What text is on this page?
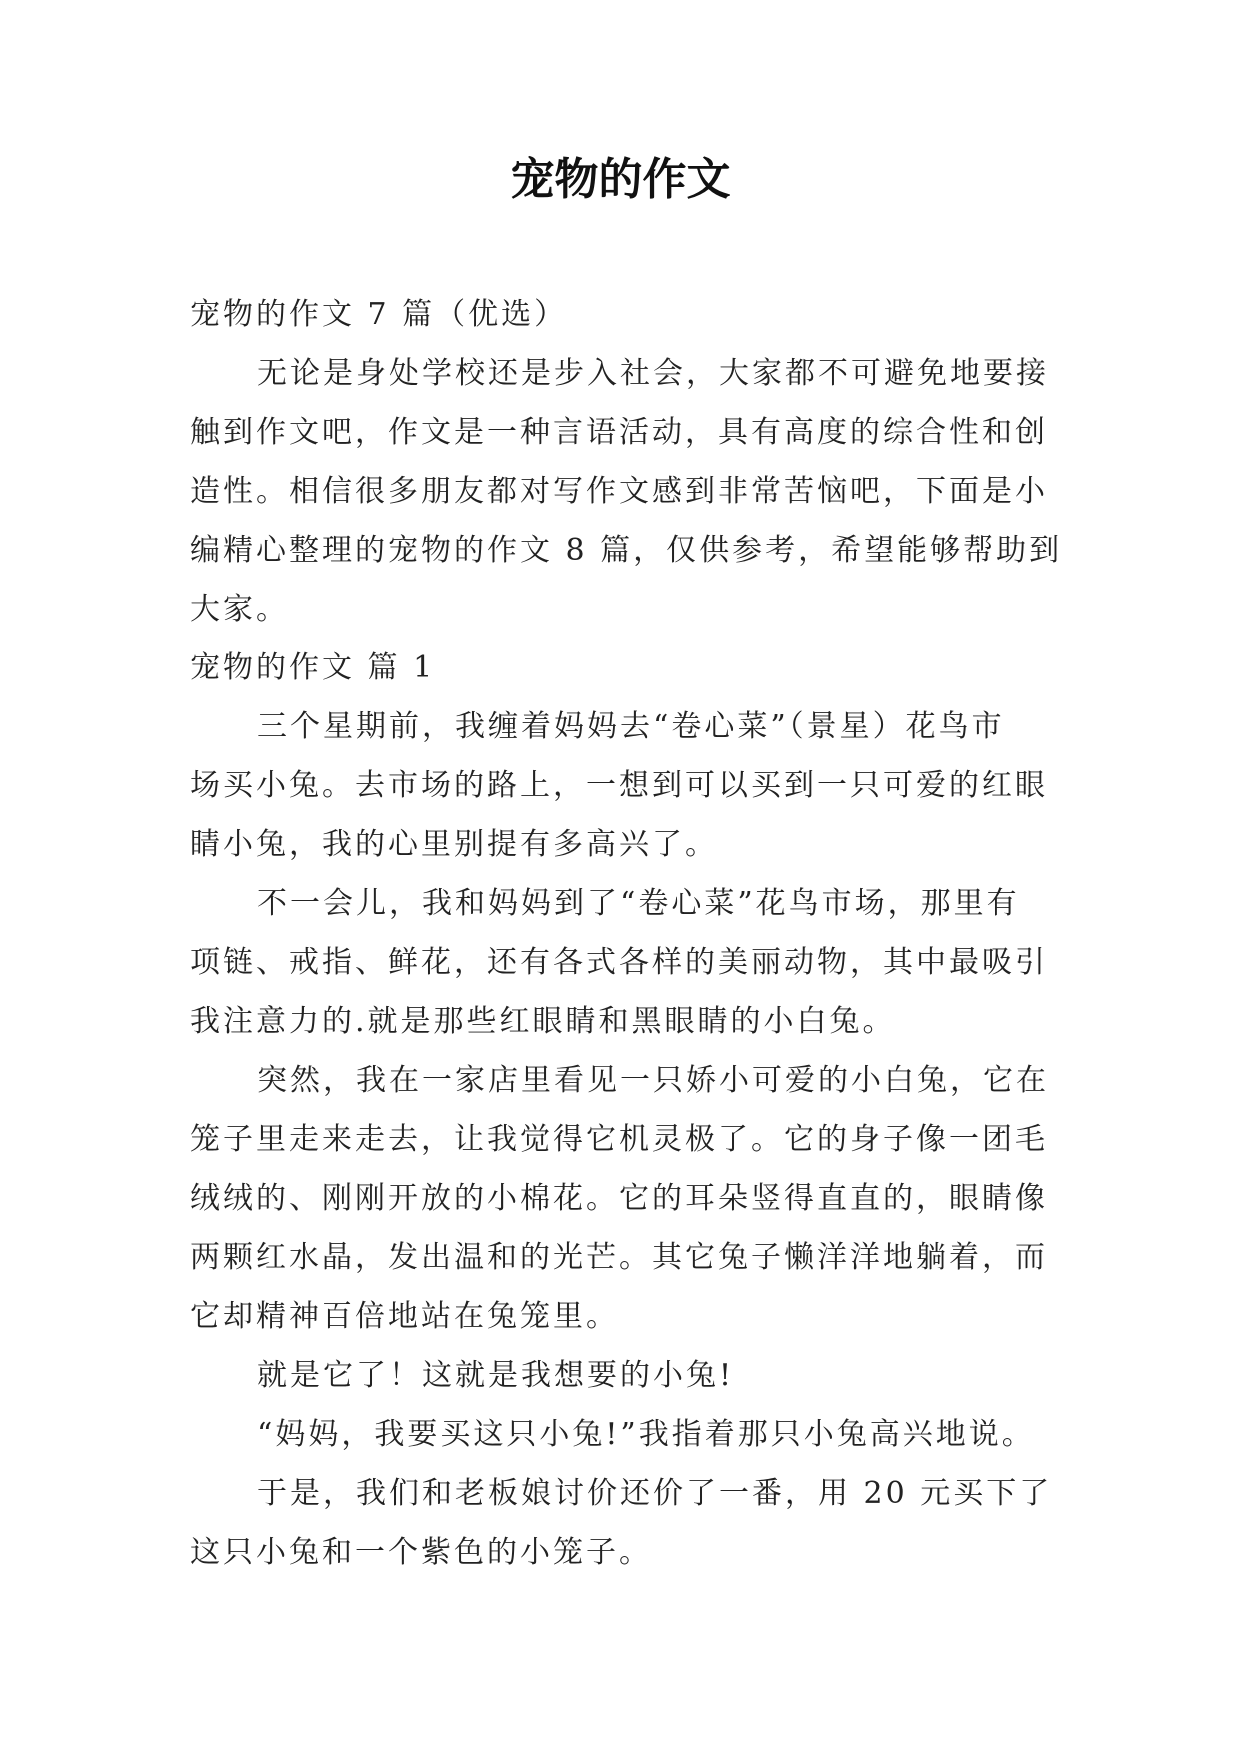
宠物的作文

宠物的作文 7 篇（优选）

无论是身处学校还是步入社会，大家都不可避免地要接

触到作文吧，作文是一种言语活动，具有高度的综合性和创

造性。相信很多朋友都对写作文感到非常苦恼吧，下面是小

编精心整理的宠物的作文 8 篇，仅供参考，希望能够帮助到

大家。

宠物的作文 篇 1

三个星期前，我缠着妈妈去“卷心菜”（景星）花鸟市

场买小兔。去市场的路上，一想到可以买到一只可爱的红眼

睛小兔，我的心里别提有多高兴了。

不一会儿，我和妈妈到了“卷心菜”花鸟市场，那里有

项链、戒指、鲜花，还有各式各样的美丽动物，其中最吸引

我注意力的.就是那些红眼睛和黑眼睛的小白兔。

突然，我在一家店里看见一只娇小可爱的小白兔，它在

笼子里走来走去，让我觉得它机灵极了。它的身子像一团毛

绒绒的、刚刚开放的小棉花。它的耳朵竖得直直的，眼睛像

两颗红水晶，发出温和的光芒。其它兔子懒洋洋地躺着，而

它却精神百倍地站在兔笼里。

就是它了！这就是我想要的小兔!

“妈妈，我要买这只小兔!”我指着那只小兔高兴地说。

于是，我们和老板娘讨价还价了一番，用 20 元买下了

这只小兔和一个紫色的小笼子。
